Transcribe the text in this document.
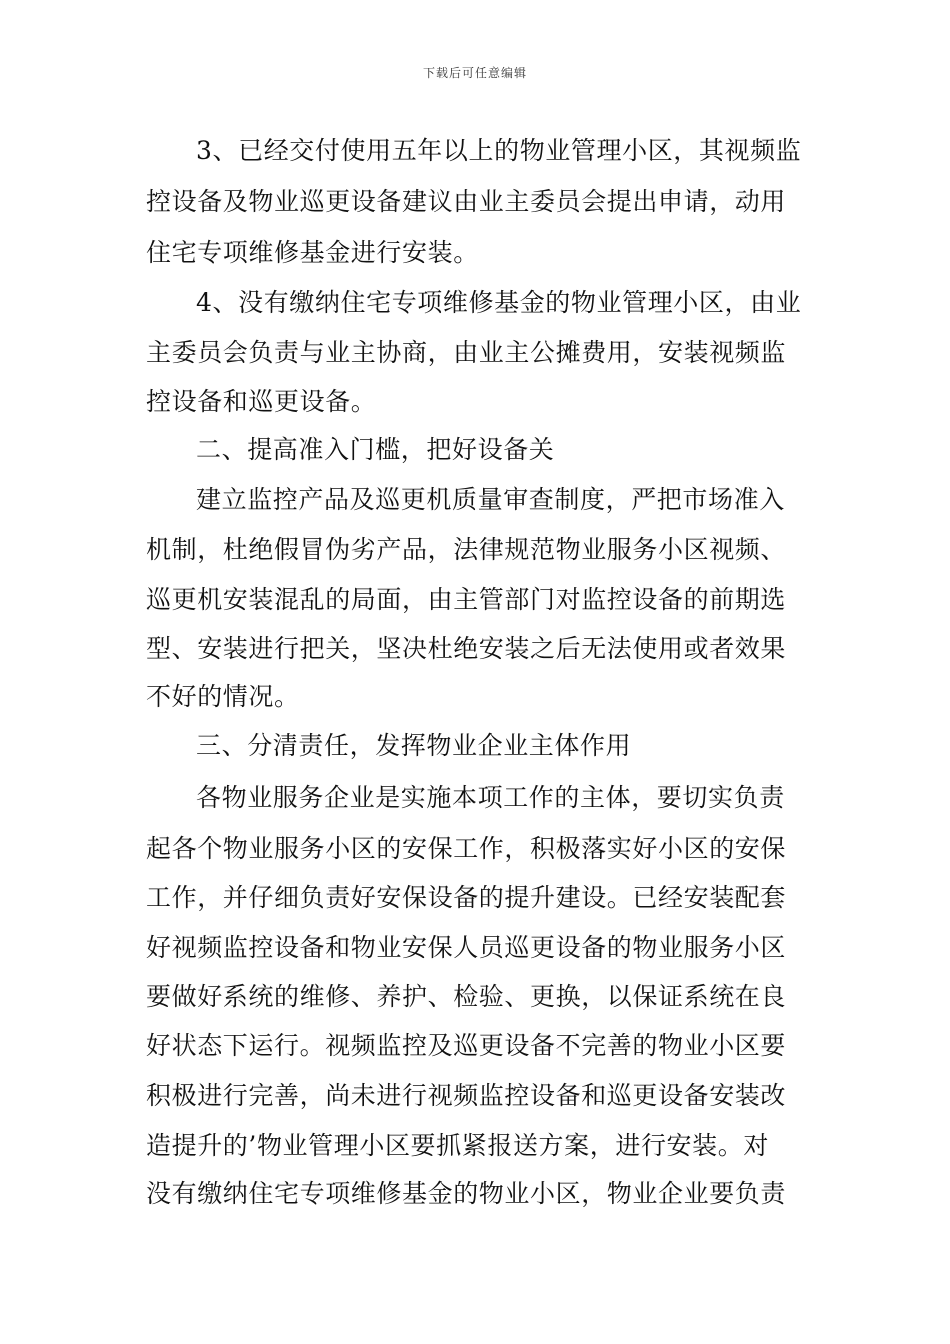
下载后可任意编辑
3、已经交付使用五年以上的物业管理小区，其视频监
控设备及物业巡更设备建议由业主委员会提出申请，动用
住宅专项维修基金进行安装。
4、没有缴纳住宅专项维修基金的物业管理小区，由业
主委员会负责与业主协商，由业主公摊费用，安装视频监
控设备和巡更设备。
二、提高准入门槛，把好设备关
建立监控产品及巡更机质量审查制度，严把市场准入
机制，杜绝假冒伪劣产品，法律规范物业服务小区视频、
巡更机安装混乱的局面，由主管部门对监控设备的前期选
型、安装进行把关，坚决杜绝安装之后无法使用或者效果
不好的情况。
三、分清责任，发挥物业企业主体作用
各物业服务企业是实施本项工作的主体，要切实负责
起各个物业服务小区的安保工作，积极落实好小区的安保
工作，并仔细负责好安保设备的提升建设。已经安装配套
好视频监控设备和物业安保人员巡更设备的物业服务小区
要做好系统的维修、养护、检验、更换，以保证系统在良
好状态下运行。视频监控及巡更设备不完善的物业小区要
积极进行完善，尚未进行视频监控设备和巡更设备安装改
造提升的’物业管理小区要抓紧报送方案，进行安装。对
没有缴纳住宅专项维修基金的物业小区，物业企业要负责
